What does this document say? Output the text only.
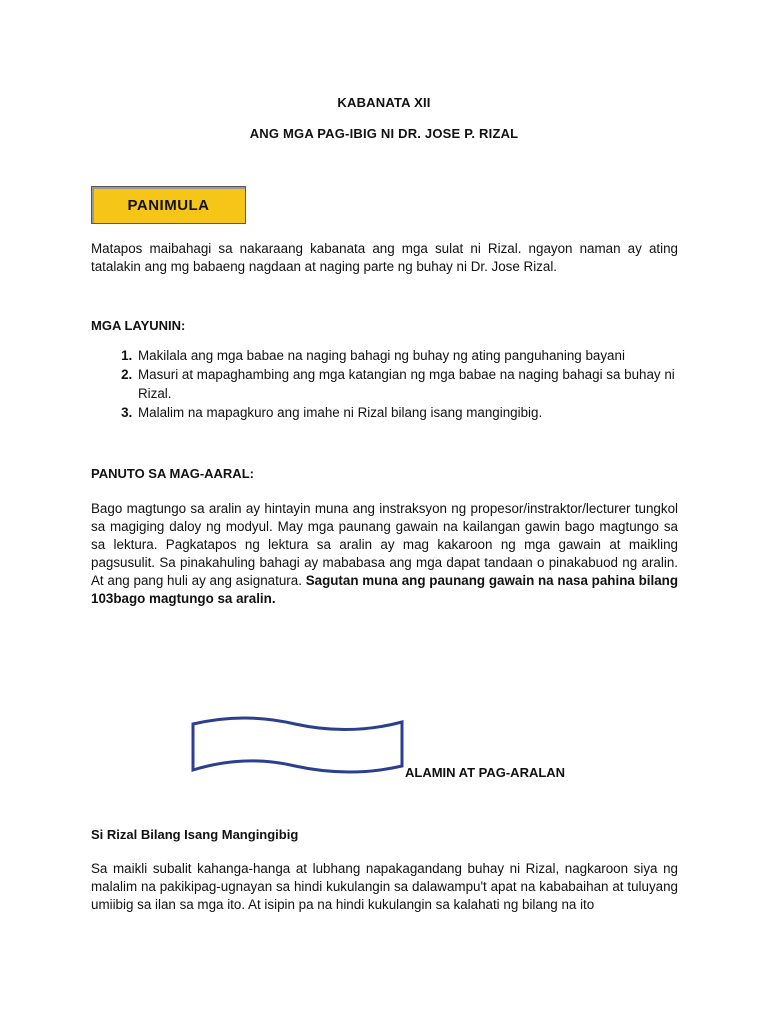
KABANATA XII
ANG MGA PAG-IBIG NI DR. JOSE P. RIZAL
PANIMULA
Matapos maibahagi sa nakaraang kabanata ang mga sulat ni Rizal. ngayon naman ay ating tatalakin ang mg babaeng nagdaan at naging parte ng buhay ni Dr. Jose Rizal.
MGA LAYUNIN:
1. Makilala ang mga babae na naging bahagi ng buhay ng ating panguhaning bayani
2. Masuri at mapaghambing ang mga katangian ng mga babae na naging bahagi sa buhay ni Rizal.
3. Malalim na mapagkuro ang imahe ni Rizal bilang isang mangingibig.
PANUTO SA MAG-AARAL:
Bago magtungo sa aralin ay hintayin muna ang instraksyon ng propesor/instraktor/lecturer tungkol sa magiging daloy ng modyul. May mga paunang gawain na kailangan gawin bago magtungo sa sa lektura. Pagkatapos ng lektura sa aralin ay mag kakaroon ng mga gawain at maikling pagsusulit. Sa pinakahuling bahagi ay mababasa ang mga dapat tandaan o pinakabuod ng aralin. At ang pang huli ay ang asignatura. Sagutan muna ang paunang gawain na nasa pahina bilang 103bago magtungo sa aralin.
ALAMIN AT PAG-ARALAN
Si Rizal Bilang Isang Mangingibig
Sa maikli subalit kahanga-hanga at lubhang napakagandang buhay ni Rizal, nagkaroon siya ng malalim na pakikipag-ugnayan sa hindi kukulangin sa dalawampu't apat na kababaihan at tuluyang umiibig sa ilan sa mga ito. At isipin pa na hindi kukulangin sa kalahati ng bilang na ito
